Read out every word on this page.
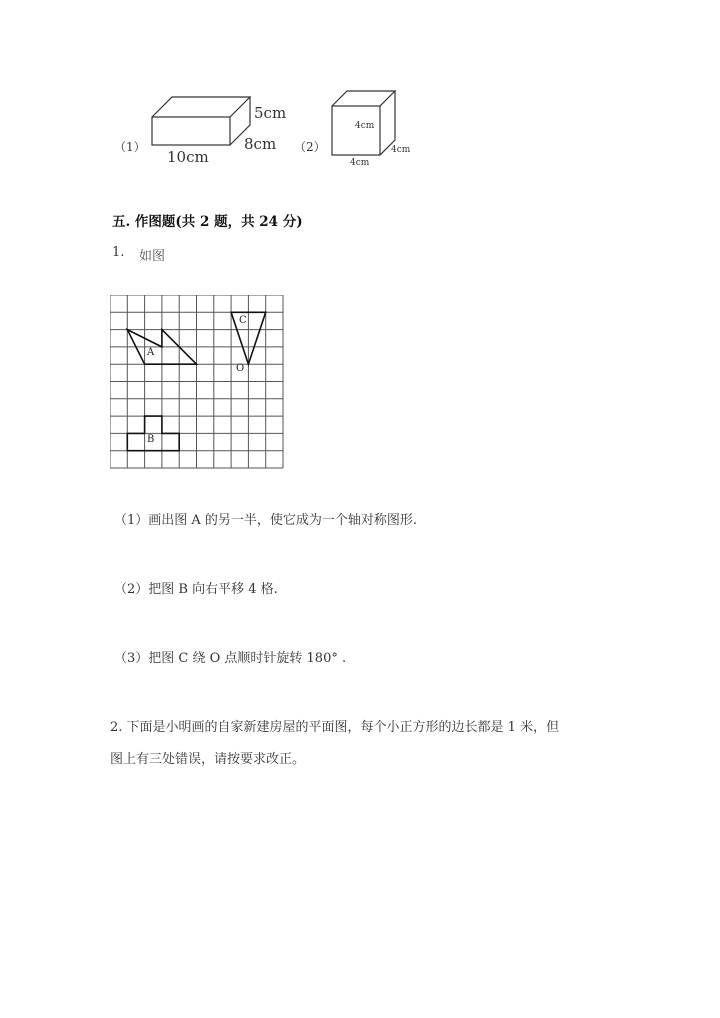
（1）
5cm
8cm
10cm
（2）
4cm
4cm
4cm
五. 作图题(共 2 题，共 24 分)
1. 如图
A
C
O
B
（1）画出图 A 的另一半，使它成为一个轴对称图形.
（2）把图 B 向右平移 4 格.
（3）把图 C 绕 O 点顺时针旋转 180° .
2. 下面是小明画的自家新建房屋的平面图，每个小正方形的边长都是 1 米，但
图上有三处错误，请按要求改正。
